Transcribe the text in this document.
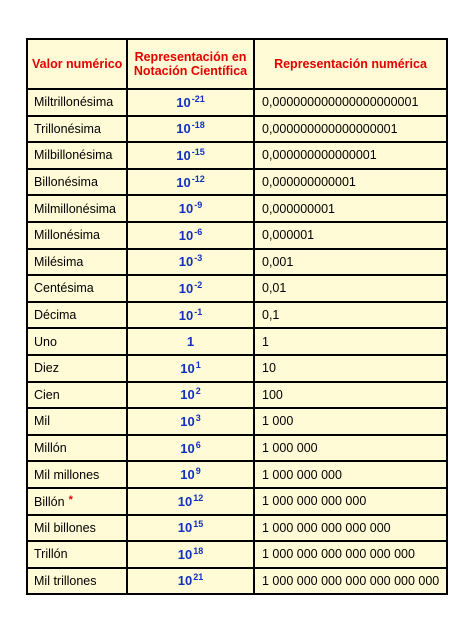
Valor numérico	Representación en Notación Científica	Representación numérica
Miltrillonésima	$10^{-21}$	0,000000000000000000001
Trillonésima	$10^{-18}$	0,000000000000000001
Milbillonésima	$10^{-15}$	0,000000000000001
Billonésima	$10^{-12}$	0,000000000001
Milmillonésima	$10^{-9}$	0,000000001
Millonésima	$10^{-6}$	0,000001
Milésima	$10^{-3}$	0,001
Centésima	$10^{-2}$	0,01
Décima	$10^{-1}$	0,1
Uno	1	1
Diez	$10^1$	10
Cien	$10^2$	100
Mil	$10^3$	1 000
Millón	$10^6$	1 000 000
Mil millones	$10^9$	1 000 000 000
Billón *	$10^{12}$	1 000 000 000 000
Mil billones	$10^{15}$	1 000 000 000 000 000
Trillón	$10^{18}$	1 000 000 000 000 000 000
Mil trillones	$10^{21}$	1 000 000 000 000 000 000 000
